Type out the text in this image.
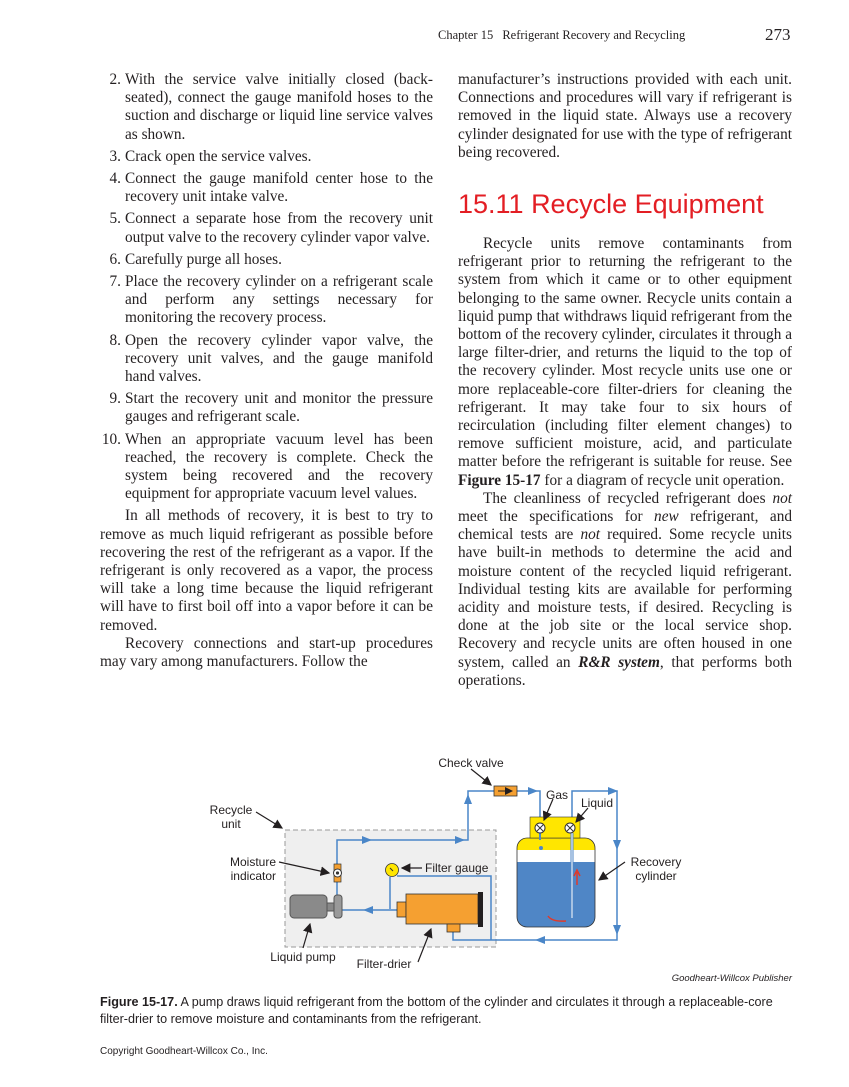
Chapter 15 Refrigerant Recovery and Recycling	273
2. With the service valve initially closed (back-seated), connect the gauge manifold hoses to the suction and discharge or liquid line service valves as shown.
3. Crack open the service valves.
4. Connect the gauge manifold center hose to the recovery unit intake valve.
5. Connect a separate hose from the recovery unit output valve to the recovery cylinder vapor valve.
6. Carefully purge all hoses.
7. Place the recovery cylinder on a refrigerant scale and perform any settings necessary for monitoring the recovery process.
8. Open the recovery cylinder vapor valve, the recovery unit valves, and the gauge manifold hand valves.
9. Start the recovery unit and monitor the pressure gauges and refrigerant scale.
10. When an appropriate vacuum level has been reached, the recovery is complete. Check the system being recovered and the recovery equipment for appropriate vacuum level values.

In all methods of recovery, it is best to try to remove as much liquid refrigerant as possible before recovering the rest of the refrigerant as a vapor. If the refrigerant is only recovered as a vapor, the process will take a long time because the liquid refrigerant will have to first boil off into a vapor before it can be removed.

Recovery connections and start-up procedures may vary among manufacturers. Follow the

manufacturer’s instructions provided with each unit. Connections and procedures will vary if refrigerant is removed in the liquid state. Always use a recovery cylinder designated for use with the type of refrigerant being recovered.

15.11 Recycle Equipment

Recycle units remove contaminants from refrigerant prior to returning the refrigerant to the system from which it came or to other equipment belonging to the same owner. Recycle units contain a liquid pump that withdraws liquid refrigerant from the bottom of the recovery cylinder, circulates it through a large filter-drier, and returns the liquid to the top of the recovery cylinder. Most recycle units use one or more replaceable-core filter-driers for cleaning the refrigerant. It may take four to six hours of recirculation (including filter element changes) to remove sufficient moisture, acid, and particulate matter before the refrigerant is suitable for reuse. See Figure 15-17 for a diagram of recycle unit operation.

The cleanliness of recycled refrigerant does not meet the specifications for new refrigerant, and chemical tests are not required. Some recycle units have built-in methods to determine the acid and moisture content of the recycled liquid refrigerant. Individual testing kits are available for performing acidity and moisture tests, if desired. Recycling is done at the job site or the local service shop. Recovery and recycle units are often housed in one system, called an R&R system, that performs both operations.

Check valve
Gas
Liquid
Recycle
unit
Moisture
indicator
Filter gauge	Recovery
cylinder
Liquid pump Filter-drier
Goodheart-Willcox Publisher
Figure 15-17. A pump draws liquid refrigerant from the bottom of the cylinder and circulates it through a replaceable-core filter-drier to remove moisture and contaminants from the refrigerant.
Copyright Goodheart-Willcox Co., Inc.
